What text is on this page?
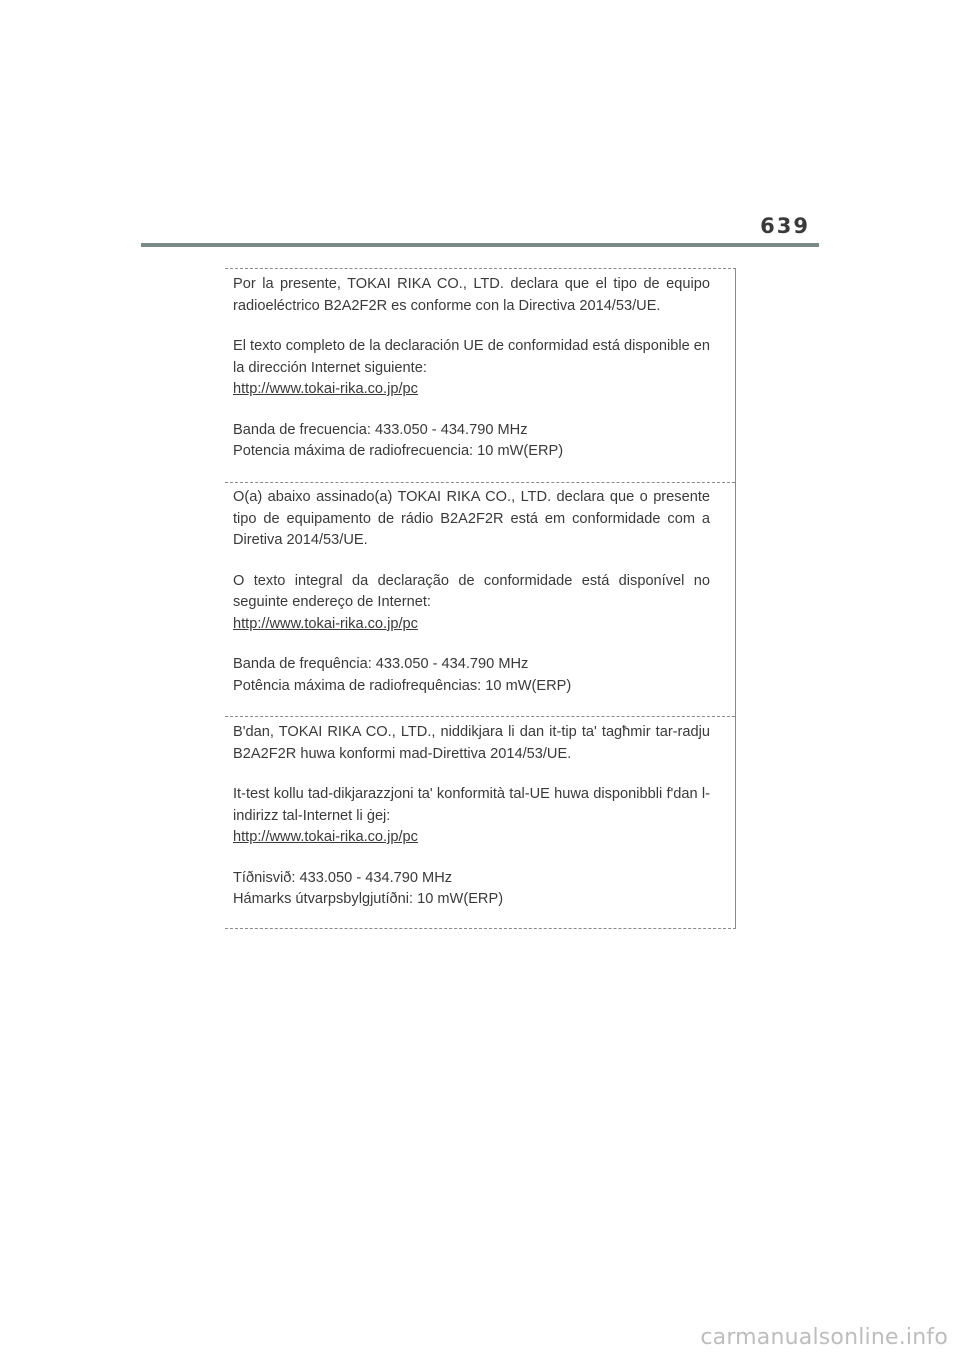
639

Por la presente, TOKAI RIKA CO., LTD. declara que el tipo de equipo radioeléctrico B2A2F2R es conforme con la Directiva 2014/53/UE.

El texto completo de la declaración UE de conformidad está disponible en la dirección Internet siguiente:

http://www.tokai-rika.co.jp/pc
Banda de frecuencia: 433.050 - 434.790 MHz
Potencia máxima de radiofrecuencia: 10 mW(ERP)

O(a) abaixo assinado(a) TOKAI RIKA CO., LTD. declara que o presente tipo de equipamento de rádio B2A2F2R está em conformidade com a Diretiva 2014/53/UE.

O texto integral da declaração de conformidade está disponível no seguinte endereço de Internet:

http://www.tokai-rika.co.jp/pc
Banda de frequência: 433.050 - 434.790 MHz
Potência máxima de radiofrequências: 10 mW(ERP)

B'dan, TOKAI RIKA CO., LTD., niddikjara li dan it-tip ta' tagħmir tar-radju B2A2F2R huwa konformi mad-Direttiva 2014/53/UE.

It-test kollu tad-dikjarazzjoni ta' konformità tal-UE huwa disponibbli f'dan l-indirizz tal-Internet li ġej:

http://www.tokai-rika.co.jp/pc
Tíðnisvið: 433.050 - 434.790 MHz
Hámarks útvarpsbylgjutíðni: 10 mW(ERP)
carmanualsonline.info
